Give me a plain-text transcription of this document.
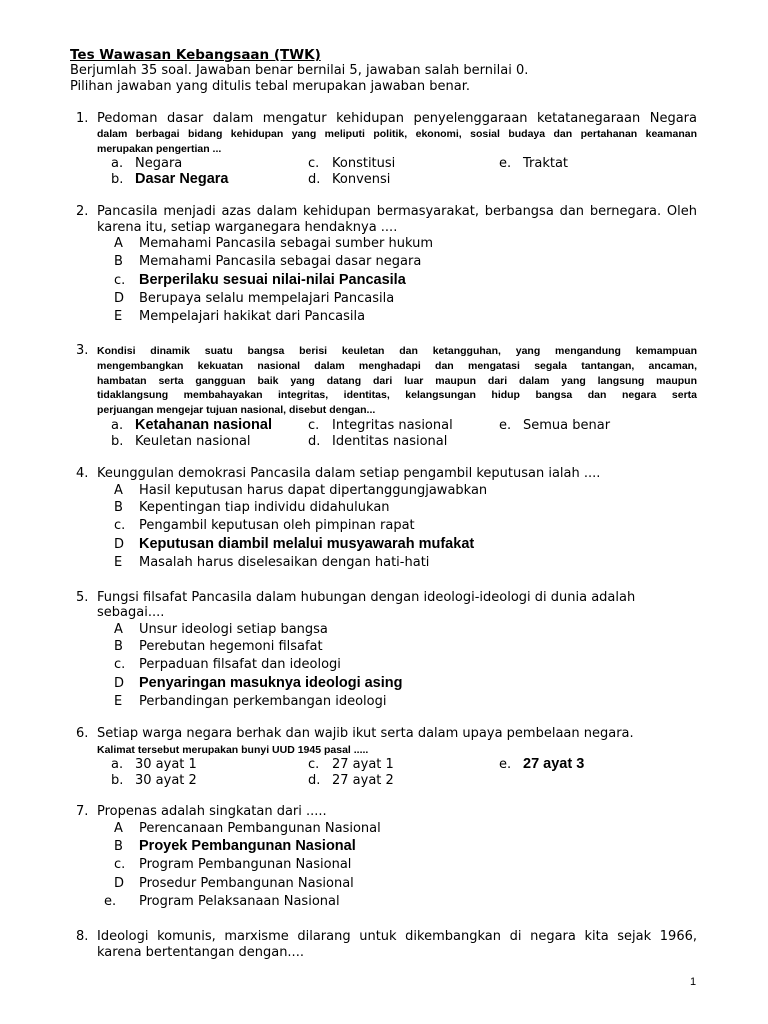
Tes Wawasan Kebangsaan (TWK)
Berjumlah 35 soal. Jawaban benar bernilai 5, jawaban salah bernilai 0.
Pilihan jawaban yang ditulis tebal merupakan jawaban benar.
1. Pedoman dasar dalam mengatur kehidupan penyelenggaraan ketatanegaraan Negara
dalam berbagai bidang kehidupan yang meliputi politik, ekonomi, sosial budaya dan pertahanan keamanan
merupakan pengertian ...
a. Negara
b. Dasar Negara
c. Konstitusi
d. Konvensi
e. Traktat
2. Pancasila menjadi azas dalam kehidupan bermasyarakat, berbangsa dan bernegara. Oleh
karena itu, setiap warganegara hendaknya ....
A Memahami Pancasila sebagai sumber hukum
B Memahami Pancasila sebagai dasar negara
c. Berperilaku sesuai nilai-nilai Pancasila
D Berupaya selalu mempelajari Pancasila
E Mempelajari hakikat dari Pancasila
3. Kondisi dinamik suatu bangsa berisi keuletan dan ketangguhan, yang mengandung kemampuan
mengembangkan kekuatan nasional dalam menghadapi dan mengatasi segala tantangan, ancaman,
hambatan serta gangguan baik yang datang dari luar maupun dari dalam yang langsung maupun
tidaklangsung membahayakan integritas, identitas, kelangsungan hidup bangsa dan negara serta
perjuangan mengejar tujuan nasional, disebut dengan...
a. Ketahanan nasional
b. Keuletan nasional
c. Integritas nasional
d. Identitas nasional
e. Semua benar
4. Keunggulan demokrasi Pancasila dalam setiap pengambil keputusan ialah ....
A Hasil keputusan harus dapat dipertanggungjawabkan
B Kepentingan tiap individu didahulukan
c. Pengambil keputusan oleh pimpinan rapat
D Keputusan diambil melalui musyawarah mufakat
E Masalah harus diselesaikan dengan hati-hati
5. Fungsi filsafat Pancasila dalam hubungan dengan ideologi-ideologi di dunia adalah
sebagai....
A Unsur ideologi setiap bangsa
B Perebutan hegemoni filsafat
c. Perpaduan filsafat dan ideologi
D Penyaringan masuknya ideologi asing
E Perbandingan perkembangan ideologi
6. Setiap warga negara berhak dan wajib ikut serta dalam upaya pembelaan negara.
Kalimat tersebut merupakan bunyi UUD 1945 pasal .....
a. 30 ayat 1
b. 30 ayat 2
c. 27 ayat 1
d. 27 ayat 2
e. 27 ayat 3
7. Propenas adalah singkatan dari .....
A Perencanaan Pembangunan Nasional
B Proyek Pembangunan Nasional
c. Program Pembangunan Nasional
D Prosedur Pembangunan Nasional
e. Program Pelaksanaan Nasional
8. Ideologi komunis, marxisme dilarang untuk dikembangkan di negara kita sejak 1966,
karena bertentangan dengan....
1
